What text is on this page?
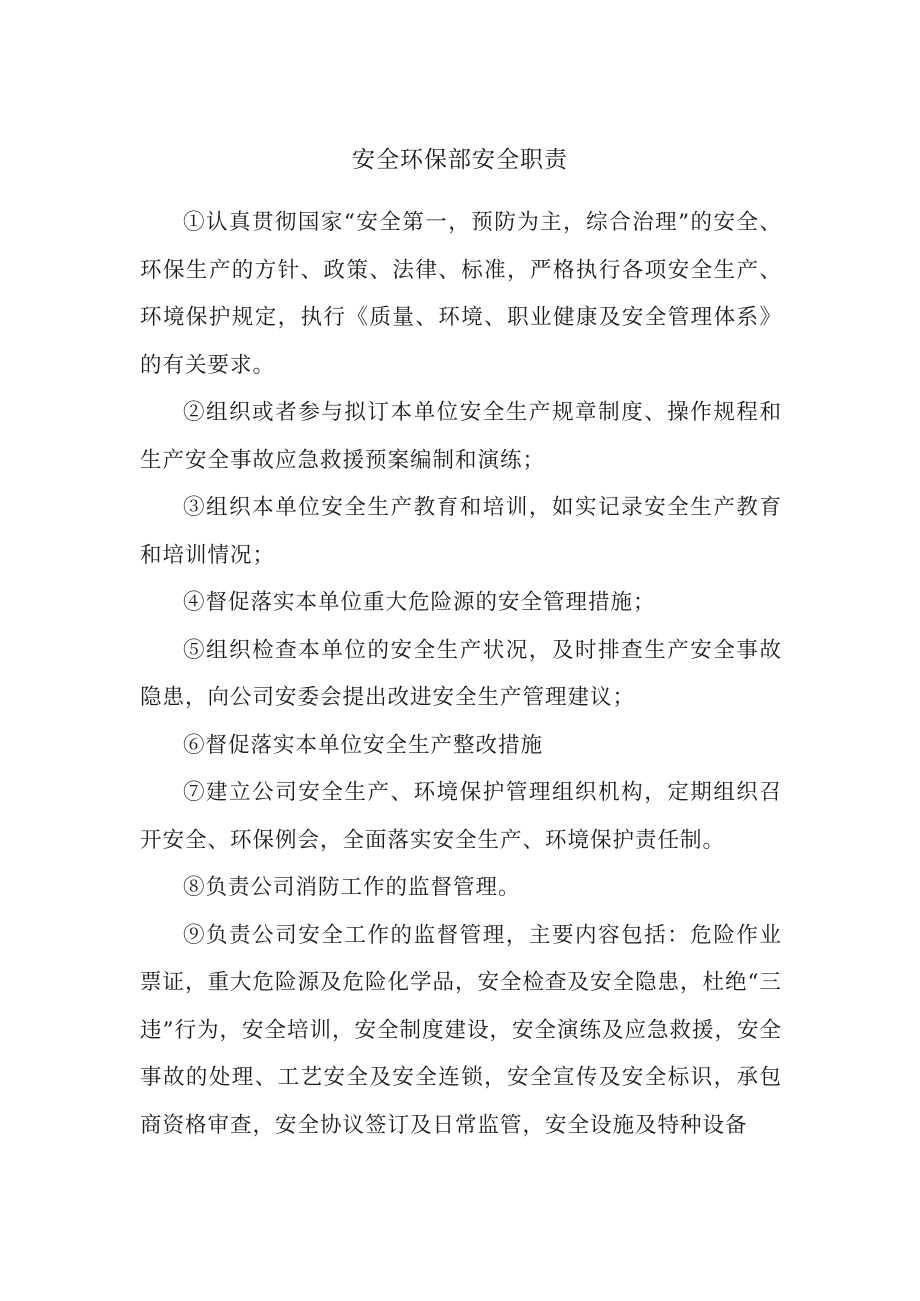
安全环保部安全职责

①认真贯彻国家“安全第一，预防为主，综合治理”的安全、环保生产的方针、政策、法律、标准，严格执行各项安全生产、环境保护规定，执行《质量、环境、职业健康及安全管理体系》的有关要求。

②组织或者参与拟订本单位安全生产规章制度、操作规程和生产安全事故应急救援预案编制和演练；

③组织本单位安全生产教育和培训，如实记录安全生产教育和培训情况；

④督促落实本单位重大危险源的安全管理措施；

⑤组织检查本单位的安全生产状况，及时排查生产安全事故隐患，向公司安委会提出改进安全生产管理建议；

⑥督促落实本单位安全生产整改措施

⑦建立公司安全生产、环境保护管理组织机构，定期组织召开安全、环保例会，全面落实安全生产、环境保护责任制。

⑧负责公司消防工作的监督管理。

⑨负责公司安全工作的监督管理，主要内容包括：危险作业票证，重大危险源及危险化学品，安全检查及安全隐患，杜绝“三违”行为，安全培训，安全制度建设，安全演练及应急救援，安全事故的处理、工艺安全及安全连锁，安全宣传及安全标识，承包商资格审查，安全协议签订及日常监管，安全设施及特种设备
